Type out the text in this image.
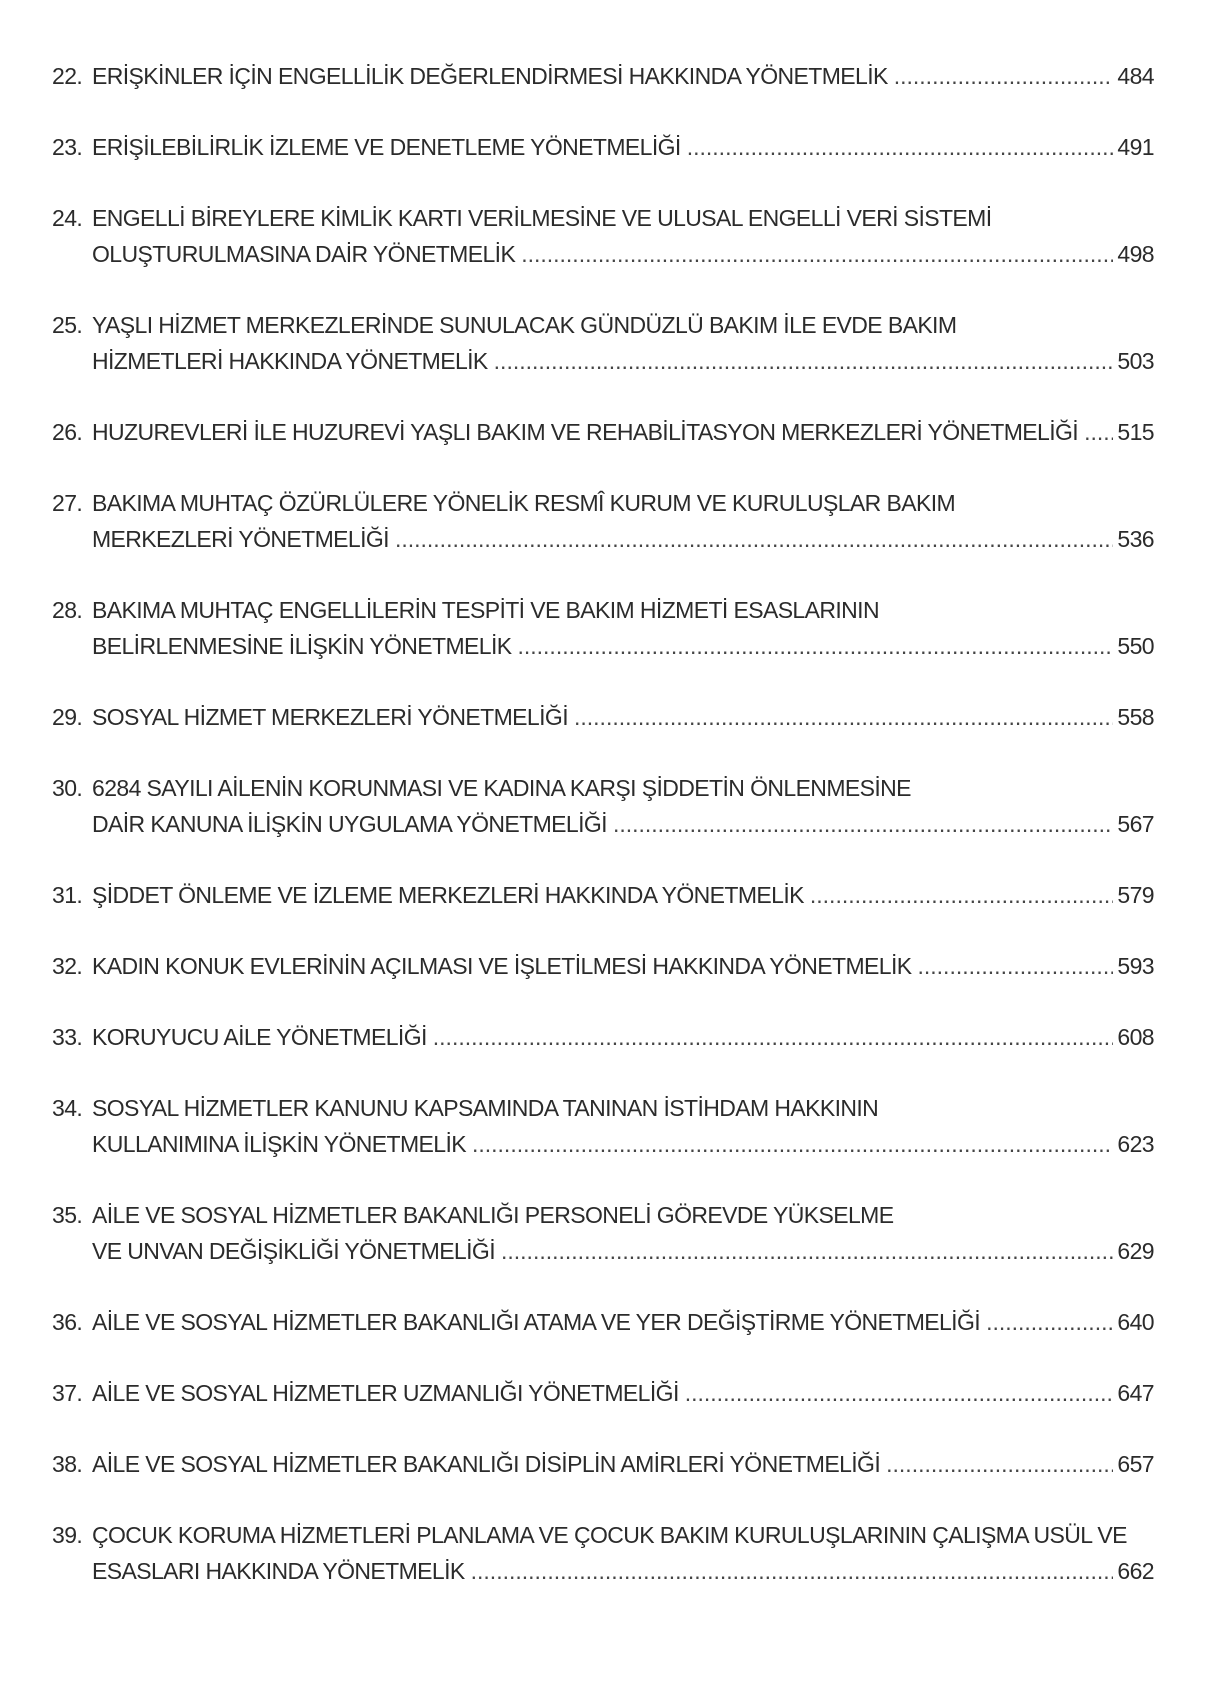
22. ERİŞKİNLER İÇİN ENGELLİLİK DEĞERLENDİRMESİ HAKKINDA YÖNETMELİK .....	484
23. ERİŞİLEBİLİRLİK İZLEME VE DENETLEME YÖNETMELİĞİ .....	491
24. ENGELLİ BİREYLERE KİMLİK KARTI VERİLMESİNE VE ULUSAL ENGELLİ VERİ SİSTEMİ
OLUŞTURULMASINA DAİR YÖNETMELİK .....	498
25. YAŞLI HİZMET MERKEZLERİNDE SUNULACAK GÜNDÜZLÜ BAKIM İLE EVDE BAKIM
HİZMETLERİ HAKKINDA YÖNETMELİK .....	503
26. HUZUREVLERİ İLE HUZUREVİ YAŞLI BAKIM VE REHABİLİTASYON MERKEZLERİ YÖNETMELİĞİ ..... 515
27. BAKIMA MUHTAÇ ÖZÜRLÜLERE YÖNELİK RESMÎ KURUM VE KURULUŞLAR BAKIM
MERKEZLERİ YÖNETMELİĞİ .....	536
28. BAKIMA MUHTAÇ ENGELLİLERİN TESPİTİ VE BAKIM HİZMETİ ESASLARININ
BELİRLENMESİNE İLİŞKİN YÖNETMELİK .....	550
29. SOSYAL HİZMET MERKEZLERİ YÖNETMELİĞİ .....	558
30. 6284 SAYILI AİLENİN KORUNMASI VE KADINA KARŞI ŞİDDETİN ÖNLENMESİNE
DAİR KANUNA İLİŞKİN UYGULAMA YÖNETMELİĞİ .....	567
31. ŞİDDET ÖNLEME VE İZLEME MERKEZLERİ HAKKINDA YÖNETMELİK .....	579
32. KADIN KONUK EVLERİNİN AÇILMASI VE İŞLETİLMESİ HAKKINDA YÖNETMELİK .....	593
33. KORUYUCU AİLE YÖNETMELİĞİ .....	608
34. SOSYAL HİZMETLER KANUNU KAPSAMINDA TANINAN İSTİHDAM HAKKININ
KULLANIMINA İLİŞKİN YÖNETMELİK .....	623
35. AİLE VE SOSYAL HİZMETLER BAKANLIĞI PERSONELİ GÖREVDE YÜKSELME
VE UNVAN DEĞİŞİKLİĞİ YÖNETMELİĞİ .....	629
36. AİLE VE SOSYAL HİZMETLER BAKANLIĞI ATAMA VE YER DEĞİŞTİRME YÖNETMELİĞİ .....	640
37. AİLE VE SOSYAL HİZMETLER UZMANLIĞI YÖNETMELİĞİ .....	647
38. AİLE VE SOSYAL HİZMETLER BAKANLIĞI DİSİPLİN AMİRLERİ YÖNETMELİĞİ .....	657
39. ÇOCUK KORUMA HİZMETLERİ PLANLAMA VE ÇOCUK BAKIM KURULUŞLARININ ÇALIŞMA USÜL VE
ESASLARI HAKKINDA YÖNETMELİK .....	662
